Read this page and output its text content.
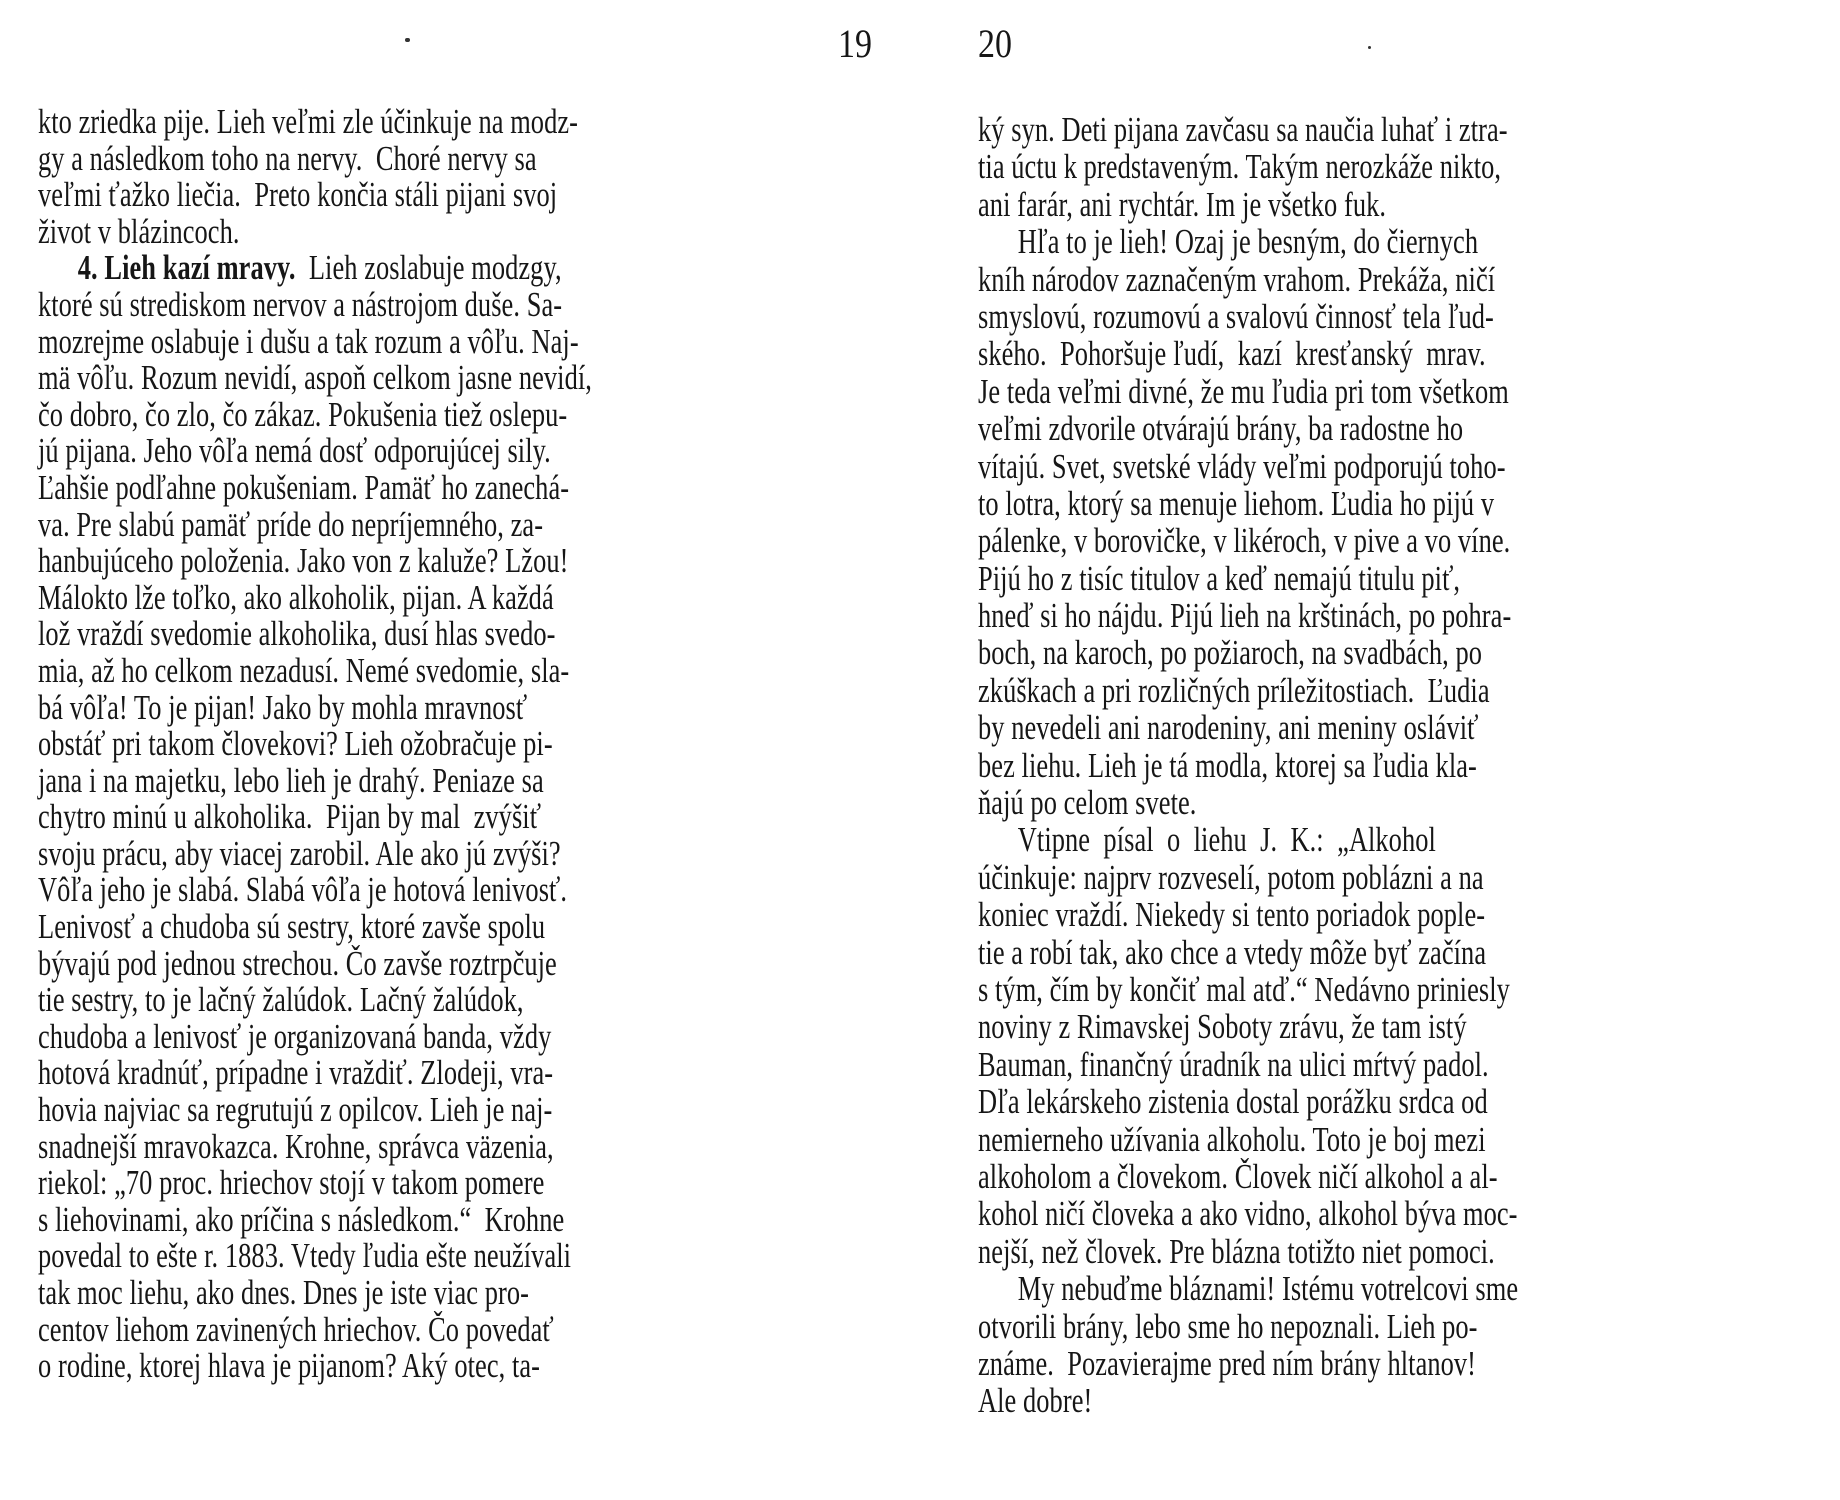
19
kto zriedka pije. Lieh veľmi zle účinkuje na modz-
gy a následkom toho na nervy.  Choré nervy sa
veľmi ťažko liečia.  Preto končia stáli pijani svoj
život v blázincoch.
4. Lieh kazí mravy.  Lieh zoslabuje modzgy,
ktoré sú strediskom nervov a nástrojom duše. Sa-
mozrejme oslabuje i dušu a tak rozum a vôľu. Naj-
mä vôľu. Rozum nevidí, aspoň celkom jasne nevidí,
čo dobro, čo zlo, čo zákaz. Pokušenia tiež oslepu-
jú pijana. Jeho vôľa nemá dosť odporujúcej sily.
Ľahšie podľahne pokušeniam. Pamäť ho zanechá-
va. Pre slabú pamäť príde do nepríjemného, za-
hanbujúceho položenia. Jako von z kaluže? Lžou!
Málokto lže toľko, ako alkoholik, pijan. A každá
lož vraždí svedomie alkoholika, dusí hlas svedo-
mia, až ho celkom nezadusí. Nemé svedomie, sla-
bá vôľa! To je pijan! Jako by mohla mravnosť
obstáť pri takom človekovi? Lieh ožobračuje pi-
jana i na majetku, lebo lieh je drahý. Peniaze sa
chytro minú u alkoholika.  Pijan by mal  zvýšiť
svoju prácu, aby viacej zarobil. Ale ako jú zvýši?
Vôľa jeho je slabá. Slabá vôľa je hotová lenivosť.
Lenivosť a chudoba sú sestry, ktoré zavše spolu
bývajú pod jednou strechou. Čo zavše roztrpčuje
tie sestry, to je lačný žalúdok. Lačný žalúdok,
chudoba a lenivosť je organizovaná banda, vždy
hotová kradnúť, prípadne i vraždiť. Zlodeji, vra-
hovia najviac sa regrutujú z opilcov. Lieh je naj-
snadnejší mravokazca. Krohne, správca väzenia,
riekol: „70 proc. hriechov stojí v takom pomere
s liehovinami, ako príčina s následkom.“  Krohne
povedal to ešte r. 1883. Vtedy ľudia ešte neužívali
tak moc liehu, ako dnes. Dnes je iste viac pro-
centov liehom zavinených hriechov. Čo povedať
o rodine, ktorej hlava je pijanom? Aký otec, ta-
20
ký syn. Deti pijana zavčasu sa naučia luhať i ztra-
tia úctu k predstaveným. Takým nerozkáže nikto,
ani farár, ani rychtár. Im je všetko fuk.
Hľa to je lieh! Ozaj je besným, do čiernych
kníh národov zaznačeným vrahom. Prekáža, ničí
smyslovú, rozumovú a svalovú činnosť tela ľud-
ského.  Pohoršuje ľudí,  kazí  kresťanský  mrav.
Je teda veľmi divné, že mu ľudia pri tom všetkom
veľmi zdvorile otvárajú brány, ba radostne ho
vítajú. Svet, svetské vlády veľmi podporujú toho-
to lotra, ktorý sa menuje liehom. Ľudia ho pijú v
pálenke, v borovičke, v likéroch, v pive a vo víne.
Pijú ho z tisíc titulov a keď nemajú titulu piť,
hneď si ho nájdu. Pijú lieh na krštinách, po pohra-
boch, na karoch, po požiaroch, na svadbách, po
zkúškach a pri rozličných príležitostiach.  Ľudia
by nevedeli ani narodeniny, ani meniny osláviť
bez liehu. Lieh je tá modla, ktorej sa ľudia kla-
ňajú po celom svete.
Vtipne  písal  o  liehu  J.  K.:  „Alkohol
účinkuje: najprv rozveselí, potom poblázni a na
koniec vraždí. Niekedy si tento poriadok pople-
tie a robí tak, ako chce a vtedy môže byť začína
s tým, čím by končiť mal atď.“ Nedávno priniesly
noviny z Rimavskej Soboty zrávu, že tam istý
Bauman, finančný úradník na ulici mŕtvý padol.
Dľa lekárskeho zistenia dostal porážku srdca od
nemierneho užívania alkoholu. Toto je boj mezi
alkoholom a človekom. Človek ničí alkohol a al-
kohol ničí človeka a ako vidno, alkohol býva moc-
nejší, než človek. Pre blázna totižto niet pomoci.
My nebuďme bláznami! Istému votrelcovi sme
otvorili brány, lebo sme ho nepoznali. Lieh po-
známe.  Pozavierajme pred ním brány hltanov!
Ale dobre!
